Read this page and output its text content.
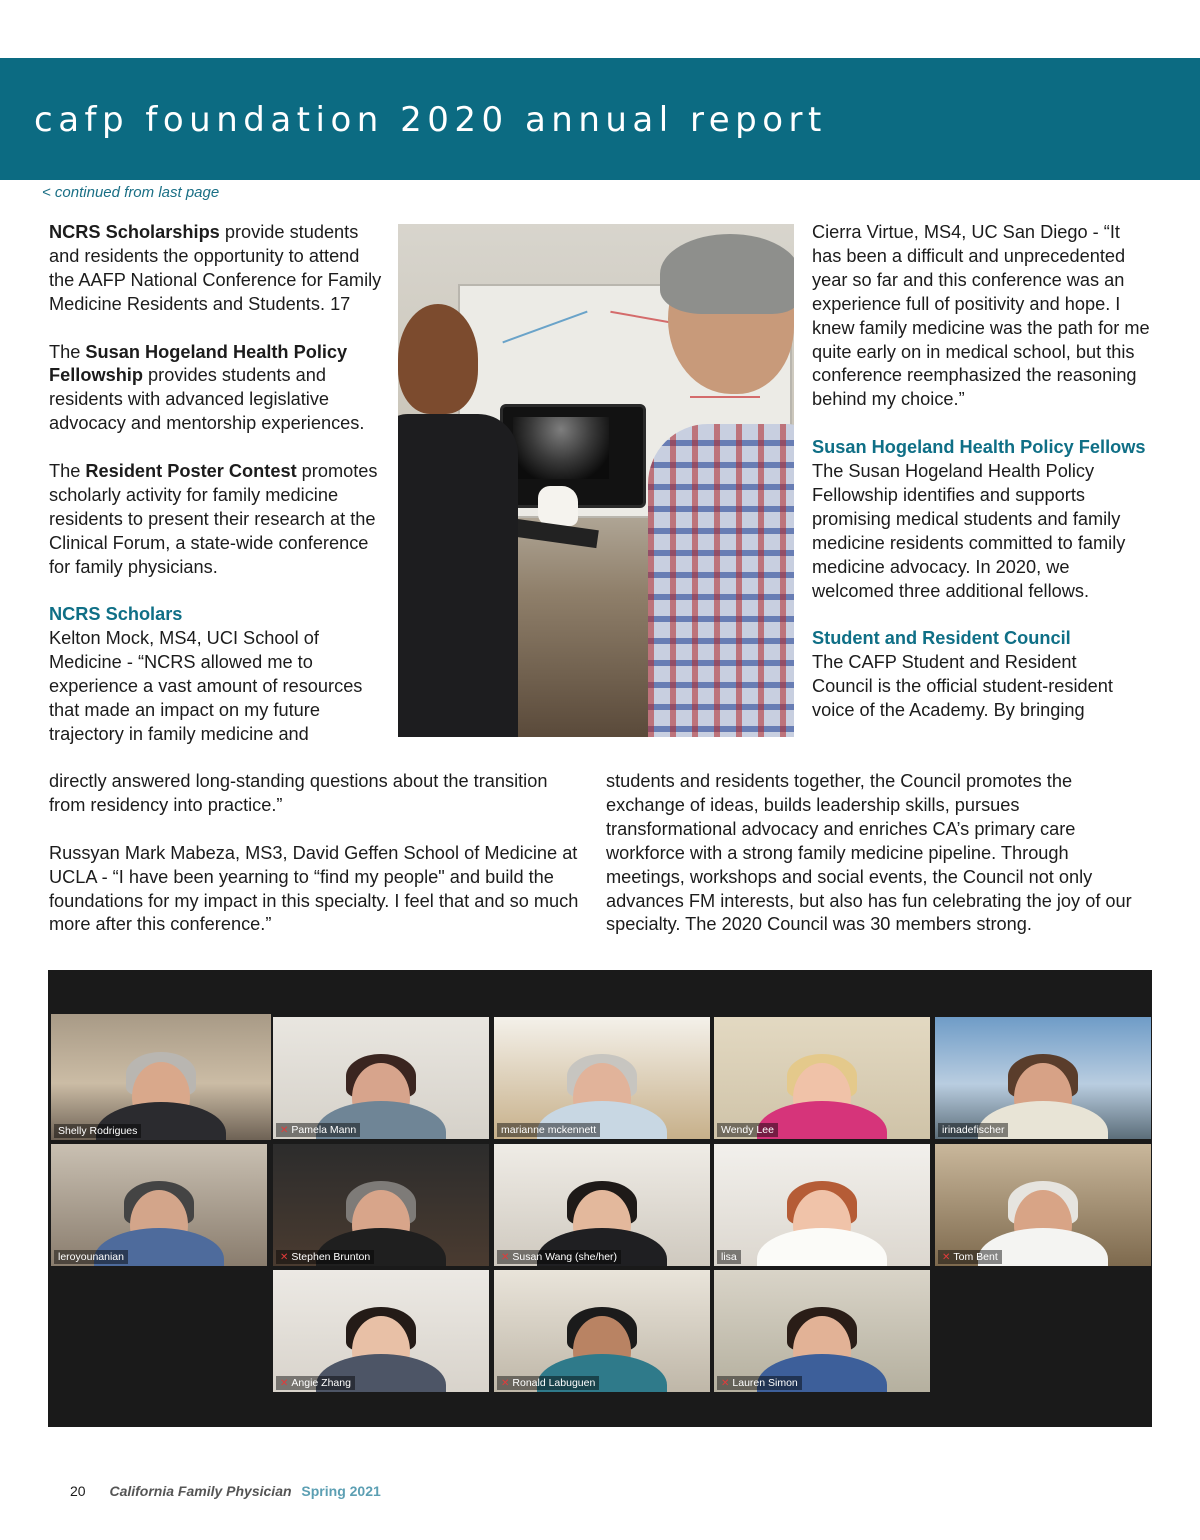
cafp foundation 2020 annual report
< continued from last page

NCRS Scholarships provide students and residents the opportunity to attend the AAFP National Conference for Family Medicine Residents and Students. 17

The Susan Hogeland Health Policy Fellowship provides students and residents with advanced legislative advocacy and mentorship experiences.

The Resident Poster Contest promotes scholarly activity for family medicine residents to present their research at the Clinical Forum, a state-wide conference for family physicians.

NCRS Scholars

Kelton Mock, MS4, UCI School of

Medicine - “NCRS allowed me to

experience a vast amount of resources

that made an impact on my future

trajectory in family medicine and

directly answered long-standing questions about the transition

from residency into practice.”

Russyan Mark Mabeza, MS3, David Geffen School of Medicine at UCLA - “I have been yearning to “find my people" and build the foundations for my impact in this specialty. I feel that and so much more after this conference.”

Cierra Virtue, MS4, UC San Diego - “It has been a difficult and unprecedented year so far and this conference was an experience full of positivity and hope. I knew family medicine was the path for me quite early on in medical school, but this conference reemphasized the reasoning behind my choice.”

Susan Hogeland Health Policy Fellows

The Susan Hogeland Health Policy Fellowship identifies and supports promising medical students and family medicine residents committed to family medicine advocacy. In 2020, we welcomed three additional fellows.

Student and Resident Council

The CAFP Student and Resident

Council is the official student-resident

voice of the Academy. By bringing

students and residents together, the Council promotes the exchange of ideas, builds leadership skills, pursues transformational advocacy and enriches CA’s primary care workforce with a strong family medicine pipeline. Through meetings, workshops and social events, the Council not only advances FM interests, but also has fun celebrating the joy of our specialty. The 2020 Council was 30 members strong.

Shelly Rodrigues	✕ Pamela Mann	marianne mckennett	Wendy Lee	irinadefischer
leroyounanian	✕ Stephen Brunton	✕ Susan Wang (she/her)	lisa	✕ Tom Bent
✕ Angie Zhang	✕ Ronald Labuguen	✕ Lauren Simon
20 California Family Physician Spring 2021
